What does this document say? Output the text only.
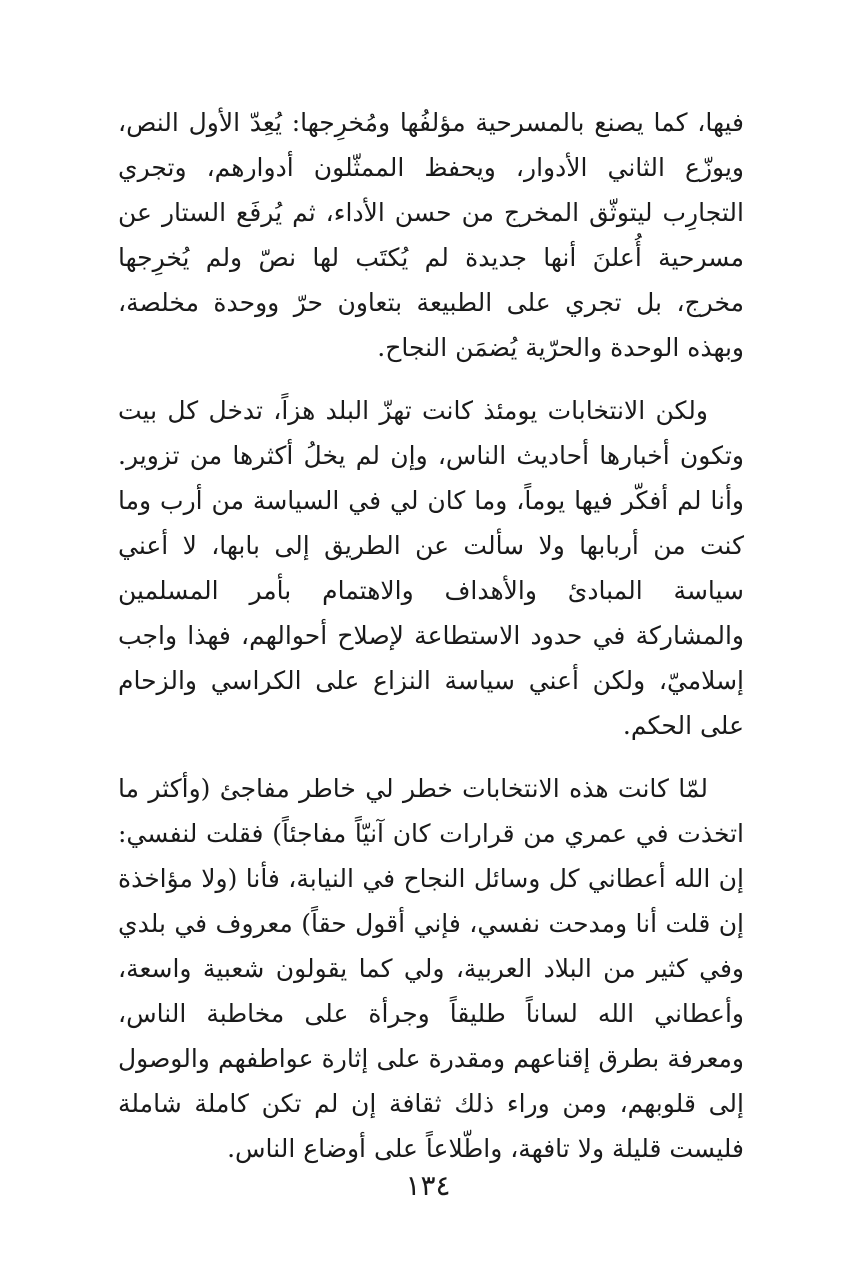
فيها، كما يصنع بالمسرحية مؤلفُها ومُخرِجها: يُعِدّ الأول النص، ويوزّع الثاني الأدوار، ويحفظ الممثّلون أدوارهم، وتجري التجارِب ليتوثّق المخرج من حسن الأداء، ثم يُرفَع الستار عن مسرحية أُعلنَ أنها جديدة لم يُكتَب لها نصّ ولم يُخرِجها مخرج، بل تجري على الطبيعة بتعاون حرّ ووحدة مخلصة، وبهذه الوحدة والحرّية يُضمَن النجاح.

ولكن الانتخابات يومئذ كانت تهزّ البلد هزاً، تدخل كل بيت وتكون أخبارها أحاديث الناس، وإن لم يخلُ أكثرها من تزوير. وأنا لم أفكّر فيها يوماً، وما كان لي في السياسة من أرب وما كنت من أربابها ولا سألت عن الطريق إلى بابها، لا أعني سياسة المبادئ والأهداف والاهتمام بأمر المسلمين والمشاركة في حدود الاستطاعة لإصلاح أحوالهم، فهذا واجب إسلاميّ، ولكن أعني سياسة النزاع على الكراسي والزحام على الحكم.

لمّا كانت هذه الانتخابات خطر لي خاطر مفاجئ (وأكثر ما اتخذت في عمري من قرارات كان آنيّاً مفاجئاً) فقلت لنفسي: إن الله أعطاني كل وسائل النجاح في النيابة، فأنا (ولا مؤاخذة إن قلت أنا ومدحت نفسي، فإني أقول حقاً) معروف في بلدي وفي كثير من البلاد العربية، ولي كما يقولون شعبية واسعة، وأعطاني الله لساناً طليقاً وجرأة على مخاطبة الناس، ومعرفة بطرق إقناعهم ومقدرة على إثارة عواطفهم والوصول إلى قلوبهم، ومن وراء ذلك ثقافة إن لم تكن كاملة شاملة فليست قليلة ولا تافهة، واطّلاعاً على أوضاع الناس.

١٣٤
